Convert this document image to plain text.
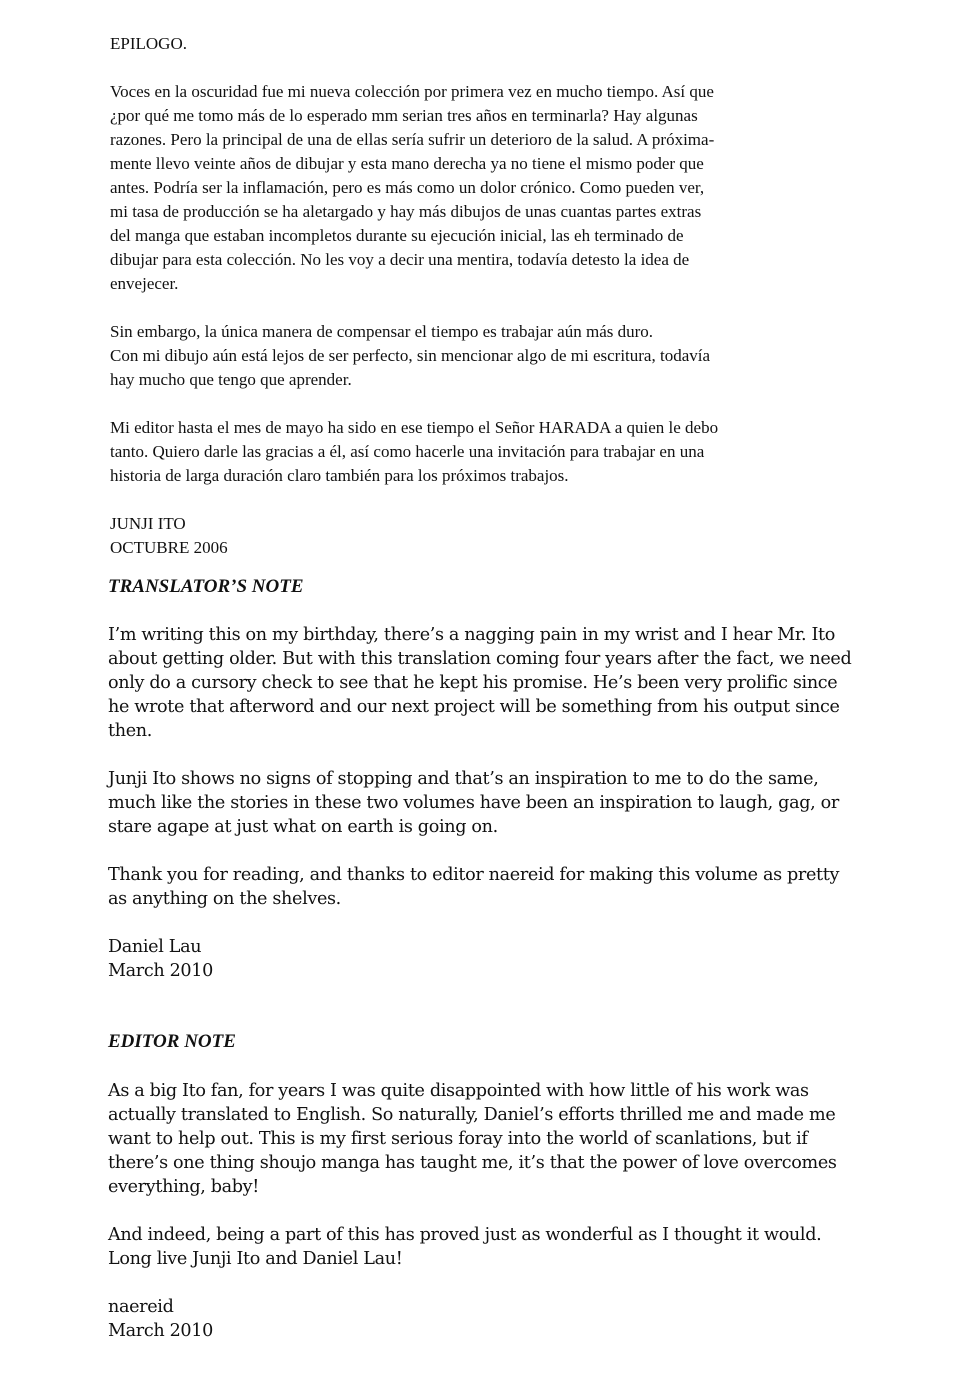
EPILOGO.
Voces en la oscuridad fue mi nueva colección por primera vez en mucho tiempo. Así que
¿por qué me tomo más de lo esperado mm serian tres años en terminarla? Hay algunas
razones. Pero la principal de una de ellas sería sufrir un deterioro de la salud. A próxima-
mente llevo veinte años de dibujar y esta mano derecha ya no tiene el mismo poder que
antes. Podría ser la inflamación, pero es más como un dolor crónico. Como pueden ver,
mi tasa de producción se ha aletargado y hay más dibujos de unas cuantas partes extras
del manga que estaban incompletos durante su ejecución inicial, las eh terminado de
dibujar para esta colección. No les voy a decir una mentira, todavía detesto la idea de
envejecer.
Sin embargo, la única manera de compensar el tiempo es trabajar aún más duro.
Con mi dibujo aún está lejos de ser perfecto, sin mencionar algo de mi escritura, todavía
hay mucho que tengo que aprender.
Mi editor hasta el mes de mayo ha sido en ese tiempo el Señor HARADA a quien le debo
tanto. Quiero darle las gracias a él, así como hacerle una invitación para trabajar en una
historia de larga duración claro también para los próximos trabajos.
JUNJI ITO
OCTUBRE 2006
TRANSLATOR’S NOTE
I’m writing this on my birthday, there’s a nagging pain in my wrist and I hear Mr. Ito
about getting older. But with this translation coming four years after the fact, we need
only do a cursory check to see that he kept his promise. He’s been very prolific since
he wrote that afterword and our next project will be something from his output since
then.
Junji Ito shows no signs of stopping and that’s an inspiration to me to do the same,
much like the stories in these two volumes have been an inspiration to laugh, gag, or
stare agape at just what on earth is going on.
Thank you for reading, and thanks to editor naereid for making this volume as pretty
as anything on the shelves.
Daniel Lau
March 2010
EDITOR NOTE
As a big Ito fan, for years I was quite disappointed with how little of his work was
actually translated to English. So naturally, Daniel’s efforts thrilled me and made me
want to help out. This is my first serious foray into the world of scanlations, but if
there’s one thing shoujo manga has taught me, it’s that the power of love overcomes
everything, baby!
And indeed, being a part of this has proved just as wonderful as I thought it would.
Long live Junji Ito and Daniel Lau!
naereid
March 2010
